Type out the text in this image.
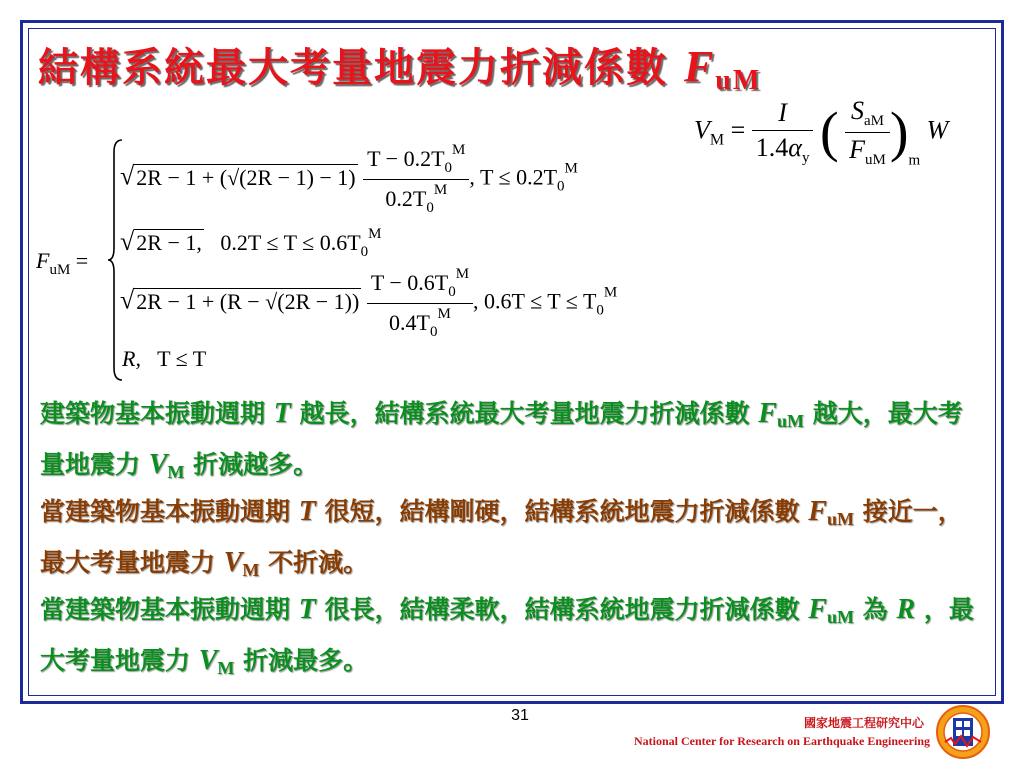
結構系統最大考量地震力折減係數 $F_{uM}$
$V_M = \frac{I}{1.4\alpha_y}$ ( $\frac{S_{aM}}{F_{uM}} )_m$ W
$F_{uM}$ =
$√2R - 1 + (√(2R - 1) - 1) \frac{T - 0.2T_0^M}{0.2T_0^M}$ , $T \le 0.2T_0^M$
√2R − 1, $0.2T \le T \le 0.6T_0^M$
$√2R - 1 + (R - √(2R - 1)) \frac{T - 0.6T_0^M}{0.4T_0^M}$ , $0.6T \le T \le T_0^M$
R, T ≤ T
建築物基本振動週期 T 越長，結構系統最大考量地震力折減係數 $F_{uM}$ 越大，最大考量地震力 $V_M$ 折減越多。
當建築物基本振動週期 T 很短，結構剛硬，結構系統地震力折減係數 $F_{uM}$ 接近一，最大考量地震力 $V_M$ 不折減。
當建築物基本振動週期 T 很長，結構柔軟，結構系統地震力折減係數 $F_{uM}$ 為 R ，最大考量地震力 $V_M$ 折減最多。
31	國家地震工程研究中心
National Center for Research on Earthquake Engineering
